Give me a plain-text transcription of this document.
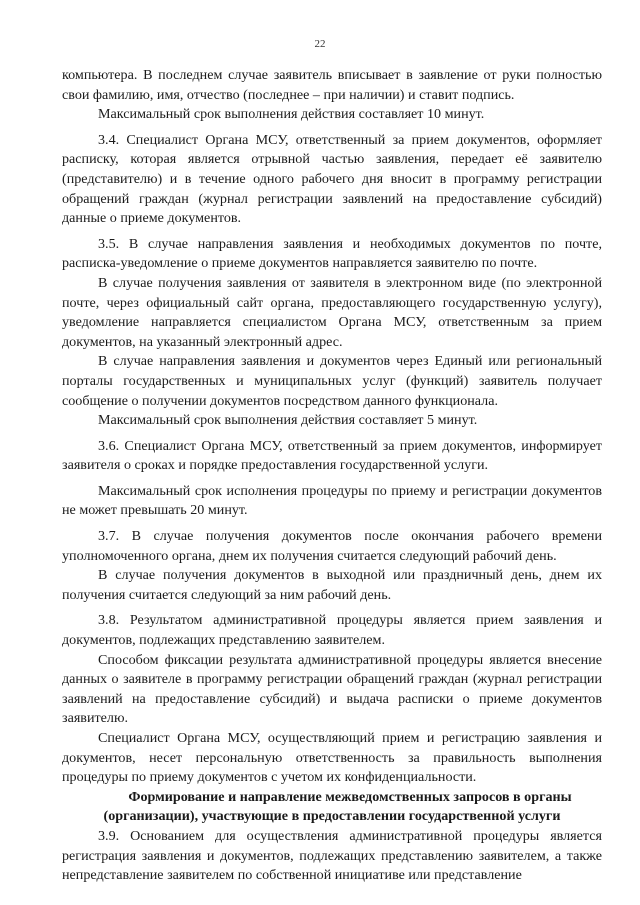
22

компьютера. В последнем случае заявитель вписывает в заявление от руки полностью свои фамилию, имя, отчество (последнее – при наличии) и ставит подпись.

Максимальный срок выполнения действия составляет 10 минут.

3.4. Специалист Органа МСУ, ответственный за прием документов, оформляет расписку, которая является отрывной частью заявления, передает её заявителю (представителю) и в течение одного рабочего дня вносит в программу регистрации обращений граждан (журнал регистрации заявлений на предоставление субсидий) данные о приеме документов.

3.5. В случае направления заявления и необходимых документов по почте, расписка-уведомление о приеме документов направляется заявителю по почте.

В случае получения заявления от заявителя в электронном виде (по электронной почте, через официальный сайт органа, предоставляющего государственную услугу), уведомление направляется специалистом Органа МСУ, ответственным за прием документов, на указанный электронный адрес.

В случае направления заявления и документов через Единый или региональный порталы государственных и муниципальных услуг (функций) заявитель получает сообщение о получении документов посредством данного функционала.

Максимальный срок выполнения действия составляет 5 минут.

3.6. Специалист Органа МСУ, ответственный за прием документов, информирует заявителя о сроках и порядке предоставления государственной услуги.

Максимальный срок исполнения процедуры по приему и регистрации документов не может превышать 20 минут.

3.7. В случае получения документов после окончания рабочего времени уполномоченного органа, днем их получения считается следующий рабочий день.

В случае получения документов в выходной или праздничный день, днем их получения считается следующий за ним рабочий день.

3.8. Результатом административной процедуры является прием заявления и документов, подлежащих представлению заявителем.

Способом фиксации результата административной процедуры является внесение данных о заявителе в программу регистрации обращений граждан (журнал регистрации заявлений на предоставление субсидий) и выдача расписки о приеме документов заявителю.

Специалист Органа МСУ, осуществляющий прием и регистрацию заявления и документов, несет персональную ответственность за правильность выполнения процедуры по приему документов с учетом их конфиденциальности.

Формирование и направление межведомственных запросов в органы (организации), участвующие в предоставлении государственной услуги

3.9. Основанием для осуществления административной процедуры является регистрация заявления и документов, подлежащих представлению заявителем, а также непредставление заявителем по собственной инициативе или представление
